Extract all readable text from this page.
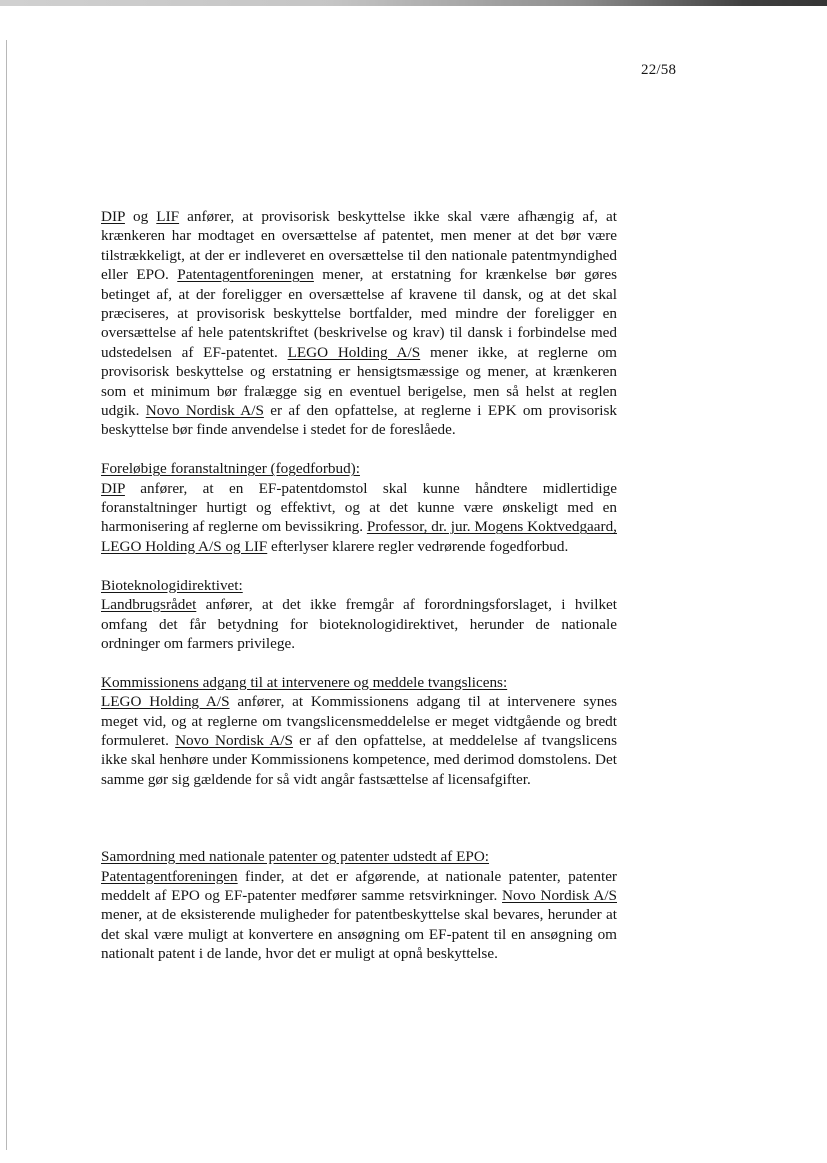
22/58

DIP og LIF anfører, at provisorisk beskyttelse ikke skal være afhængig af, at krænkeren har modtaget en oversættelse af patentet, men mener at det bør være tilstrækkeligt, at der er indleveret en oversættelse til den nationale patentmyndighed eller EPO. Patentagentforeningen mener, at erstatning for krænkelse bør gøres betinget af, at der foreligger en oversættelse af kravene til dansk, og at det skal præciseres, at provisorisk beskyttelse bortfalder, med mindre der foreligger en oversættelse af hele patentskriftet (beskrivelse og krav) til dansk i forbindelse med udstedelsen af EF-patentet. LEGO Holding A/S mener ikke, at reglerne om provisorisk beskyttelse og erstatning er hensigtsmæssige og mener, at krænkeren som et minimum bør fralægge sig en eventuel berigelse, men så helst at reglen udgik. Novo Nordisk A/S er af den opfattelse, at reglerne i EPK om provisorisk beskyttelse bør finde anvendelse i stedet for de foreslåede.

Foreløbige foranstaltninger (fogedforbud):
DIP anfører, at en EF-patentdomstol skal kunne håndtere midlertidige foranstaltninger hurtigt og effektivt, og at det kunne være ønskeligt med en harmonisering af reglerne om bevissikring. Professor, dr. jur. Mogens Koktvedgaard, LEGO Holding A/S og LIF efterlyser klarere regler vedrørende fogedforbud.

Bioteknologidirektivet:
Landbrugsrådet anfører, at det ikke fremgår af forordningsforslaget, i hvilket omfang det får betydning for bioteknologidirektivet, herunder de nationale ordninger om farmers privilege.

Kommissionens adgang til at intervenere og meddele tvangslicens:
LEGO Holding A/S anfører, at Kommissionens adgang til at intervenere synes meget vid, og at reglerne om tvangslicensmeddelelse er meget vidtgående og bredt formuleret. Novo Nordisk A/S er af den opfattelse, at meddelelse af tvangslicens ikke skal henhøre under Kommissionens kompetence, med derimod domstolens. Det samme gør sig gældende for så vidt angår fastsættelse af licensafgifter.

Samordning med nationale patenter og patenter udstedt af EPO:
Patentagentforeningen finder, at det er afgørende, at nationale patenter, patenter meddelt af EPO og EF-patenter medfører samme retsvirkninger. Novo Nordisk A/S mener, at de eksisterende muligheder for patentbeskyttelse skal bevares, herunder at det skal være muligt at konvertere en ansøgning om EF-patent til en ansøgning om nationalt patent i de lande, hvor det er muligt at opnå beskyttelse.
